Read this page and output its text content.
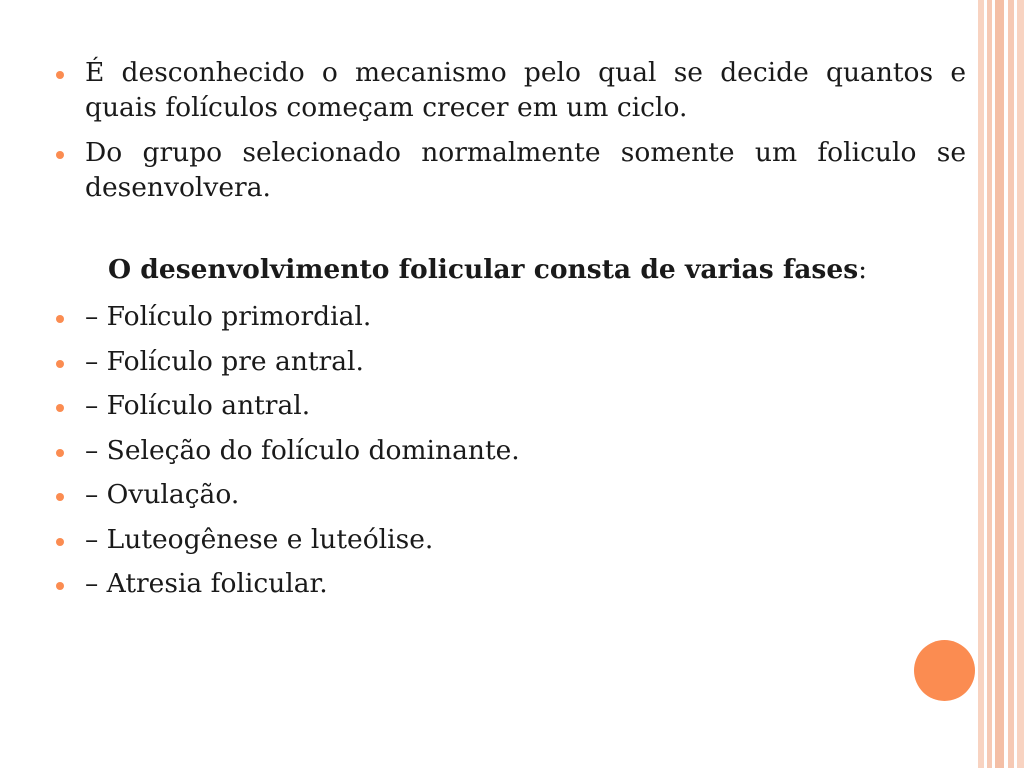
É desconhecido o mecanismo pelo qual se decide quantos e quais folículos começam crecer em um ciclo.

Do grupo selecionado normalmente somente um foliculo se desenvolvera.

O desenvolvimento folicular consta de varias fases:

– Folículo primordial.

– Folículo pre antral.

– Folículo antral.

– Seleção do folículo dominante.

– Ovulação.

– Luteogênese e luteólise.

– Atresia folicular.
